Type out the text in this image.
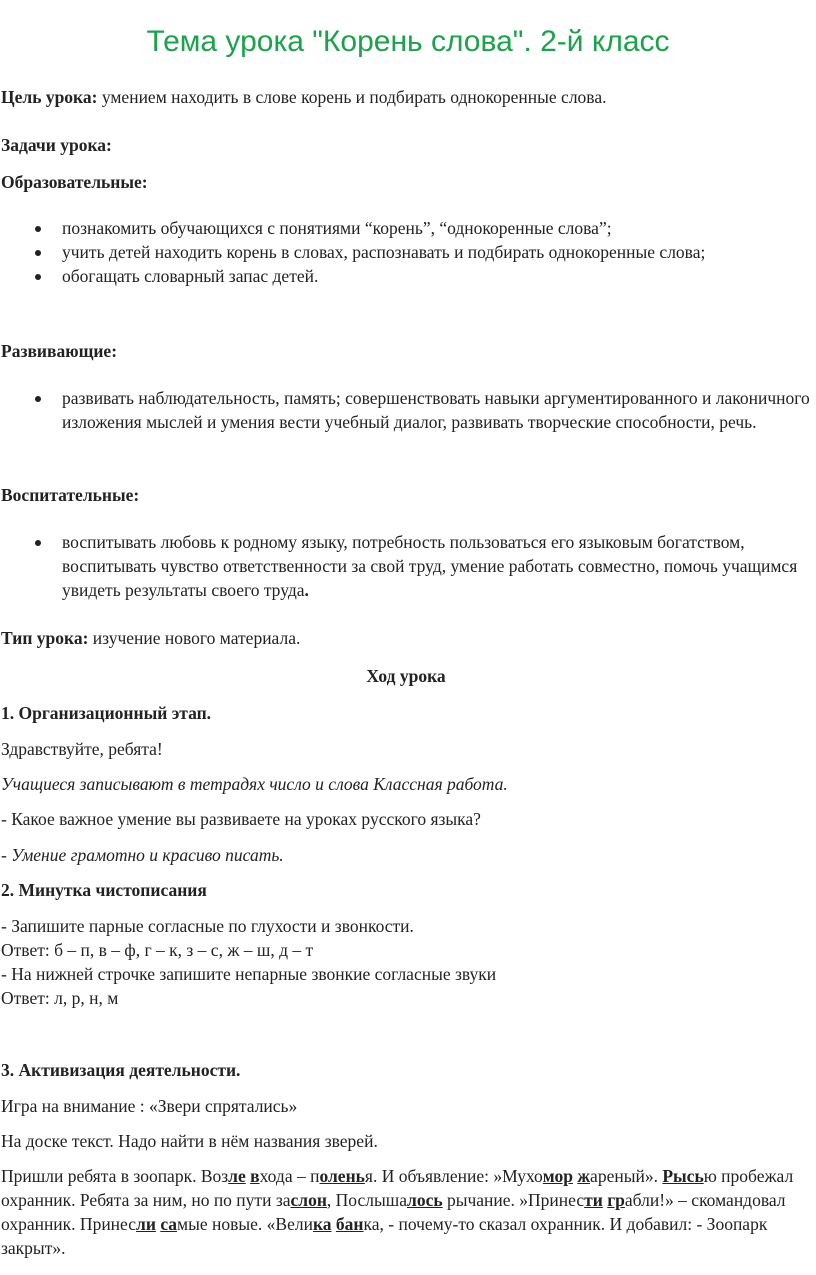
Тема урока "Корень слова". 2-й класс

Цель урока: умением находить в слове корень и подбирать однокоренные слова.

Задачи урока:

Образовательные:

познакомить обучающихся с понятиями “корень”, “однокоренные слова”;
учить детей находить корень в словах, распознавать и подбирать однокоренные слова;
обогащать словарный запас детей.

Развивающие:

развивать наблюдательность, память; совершенствовать навыки аргументированного и лаконичного изложения мыслей и умения вести учебный диалог, развивать творческие способности, речь.

Воспитательные:

воспитывать любовь к родному языку, потребность пользоваться его языковым богатством, воспитывать чувство ответственности за свой труд, умение работать совместно, помочь учащимся увидеть результаты своего труда.

Тип урока: изучение нового материала.

Ход урока

1. Организационный этап.

Здравствуйте, ребята!

Учащиеся записывают в тетрадях число и слова Классная работа.

- Какое важное умение вы развиваете на уроках русского языка?

- Умение грамотно и красиво писать.

2. Минутка чистописания

- Запишите парные согласные по глухости и звонкости.

Ответ: б – п, в – ф, г – к, з – с, ж – ш, д – т

- На нижней строчке запишите непарные звонкие согласные звуки

Ответ: л, р, н, м

3. Активизация деятельности.

Игра на внимание : «Звери спрятались»

На доске текст. Надо найти в нём названия зверей.

Пришли ребята в зоопарк. Возле входа – поленья. И объявление: »Мухомор жареный». Рысью пробежал охранник. Ребята за ним, но по пути заслон, Послышалось рычание. »Принести грабли!» – скомандовал охранник. Принесли самые новые. «Велика банка, - почему-то сказал охранник. И добавил: - Зоопарк закрыт».
